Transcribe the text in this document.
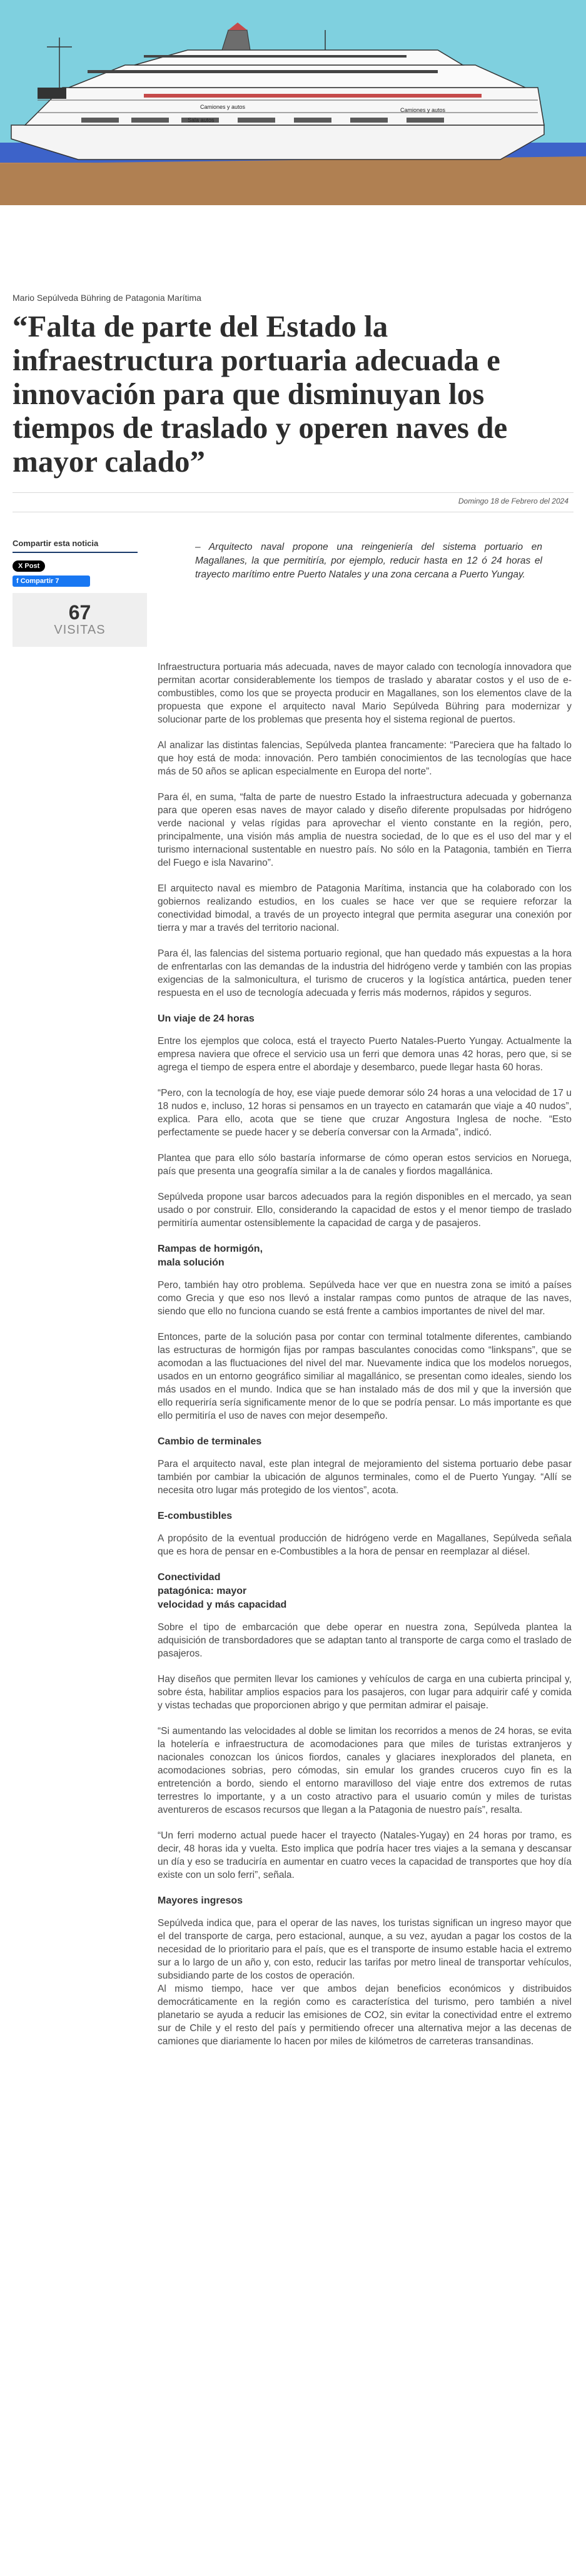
Camiones y autos	Camiones y autos
Sala autos
“Falta de parte del Estado la infraestructura portuaria adecuada e innovación para que disminuyan los tiempos de traslado y operen naves de mayor calado”
Mario Sepúlveda Bühring de Patagonia Marítima
Domingo 18 de Febrero del 2024
Compartir esta noticia
X Post
f Compartir 7
67
VISITAS

– Arquitecto naval propone una reingeniería del sistema portuario en Magallanes, la que permitiría, por ejemplo, reducir hasta en 12 ó 24 horas el trayecto marítimo entre Puerto Natales y una zona cercana a Puerto Yungay.

Infraestructura portuaria más adecuada, naves de mayor calado con tecnología innovadora que permitan acortar considerablemente los tiempos de traslado y abaratar costos y el uso de e-combustibles, como los que se proyecta producir en Magallanes, son los elementos clave de la propuesta que expone el arquitecto naval Mario Sepúlveda Bühring para modernizar y solucionar parte de los problemas que presenta hoy el sistema regional de puertos.

Al analizar las distintas falencias, Sepúlveda plantea francamente: “Pareciera que ha faltado lo que hoy está de moda: innovación. Pero también conocimientos de las tecnologías que hace más de 50 años se aplican especialmente en Europa del norte”.

Para él, en suma, “falta de parte de nuestro Estado la infraestructura adecuada y gobernanza para que operen esas naves de mayor calado y diseño diferente propulsadas por hidrógeno verde nacional y velas rígidas para aprovechar el viento constante en la región, pero, principalmente, una visión más amplia de nuestra sociedad, de lo que es el uso del mar y el turismo internacional sustentable en nuestro país. No sólo en la Patagonia, también en Tierra del Fuego e isla Navarino”.

El arquitecto naval es miembro de Patagonia Marítima, instancia que ha colaborado con los gobiernos realizando estudios, en los cuales se hace ver que se requiere reforzar la conectividad bimodal, a través de un proyecto integral que permita asegurar una conexión por tierra y mar a través del territorio nacional.

Para él, las falencias del sistema portuario regional, que han quedado más expuestas a la hora de enfrentarlas con las demandas de la industria del hidrógeno verde y también con las propias exigencias de la salmonicultura, el turismo de cruceros y la logística antártica, pueden tener respuesta en el uso de tecnología adecuada y ferris más modernos, rápidos y seguros.

Un viaje de 24 horas

Entre los ejemplos que coloca, está el trayecto Puerto Natales-Puerto Yungay. Actualmente la empresa naviera que ofrece el servicio usa un ferri que demora unas 42 horas, pero que, si se agrega el tiempo de espera entre el abordaje y desembarco, puede llegar hasta 60 horas.

“Pero, con la tecnología de hoy, ese viaje puede demorar sólo 24 horas a una velocidad de 17 u 18 nudos e, incluso, 12 horas si pensamos en un trayecto en catamarán que viaje a 40 nudos”, explica. Para ello, acota que se tiene que cruzar Angostura Inglesa de noche. “Esto perfectamente se puede hacer y se debería conversar con la Armada”, indicó.

Plantea que para ello sólo bastaría informarse de cómo operan estos servicios en Noruega, país que presenta una geografía similar a la de canales y fiordos magallánica.

Sepúlveda propone usar barcos adecuados para la región disponibles en el mercado, ya sean usado o por construir. Ello, considerando la capacidad de estos y el menor tiempo de traslado permitiría aumentar ostensiblemente la capacidad de carga y de pasajeros.

Rampas de hormigón,
mala solución

Pero, también hay otro problema. Sepúlveda hace ver que en nuestra zona se imitó a países como Grecia y que eso nos llevó a instalar rampas como puntos de atraque de las naves, siendo que ello no funciona cuando se está frente a cambios importantes de nivel del mar.

Entonces, parte de la solución pasa por contar con terminal totalmente diferentes, cambiando las estructuras de hormigón fijas por rampas basculantes conocidas como “linkspans”, que se acomodan a las fluctuaciones del nivel del mar. Nuevamente indica que los modelos noruegos, usados en un entorno geográfico similiar al magallánico, se presentan como ideales, siendo los más usados en el mundo. Indica que se han instalado más de dos mil y que la inversión que ello requeriría sería significamente menor de lo que se podría pensar. Lo más importante es que ello permitiría el uso de naves con mejor desempeño.

Cambio de terminales

Para el arquitecto naval, este plan integral de mejoramiento del sistema portuario debe pasar también por cambiar la ubicación de algunos terminales, como el de Puerto Yungay. “Allí se necesita otro lugar más protegido de los vientos”, acota.

E-combustibles

A propósito de la eventual producción de hidrógeno verde en Magallanes, Sepúlveda señala que es hora de pensar en e-Combustibles a la hora de pensar en reemplazar al diésel.

Conectividad
patagónica: mayor
velocidad y más capacidad

Sobre el tipo de embarcación que debe operar en nuestra zona, Sepúlveda plantea la adquisición de transbordadores que se adaptan tanto al transporte de carga como el traslado de pasajeros.

Hay diseños que permiten llevar los camiones y vehículos de carga en una cubierta principal y, sobre ésta, habilitar amplios espacios para los pasajeros, con lugar para adquirir café y comida y vistas techadas que proporcionen abrigo y que permitan admirar el paisaje.

“Si aumentando las velocidades al doble se limitan los recorridos a menos de 24 horas, se evita la hotelería e infraestructura de acomodaciones para que miles de turistas extranjeros y nacionales conozcan los únicos fiordos, canales y glaciares inexplorados del planeta, en acomodaciones sobrias, pero cómodas, sin emular los grandes cruceros cuyo fin es la entretención a bordo, siendo el entorno maravilloso del viaje entre dos extremos de rutas terrestres lo importante, y a un costo atractivo para el usuario común y miles de turistas aventureros de escasos recursos que llegan a la Patagonia de nuestro país”, resalta.

“Un ferri moderno actual puede hacer el trayecto (Natales-Yugay) en 24 horas por tramo, es decir, 48 horas ida y vuelta. Esto implica que podría hacer tres viajes a la semana y descansar un día y eso se traduciría en aumentar en cuatro veces la capacidad de transportes que hoy día existe con un solo ferri”, señala.

Mayores ingresos

Sepúlveda indica que, para el operar de las naves, los turistas significan un ingreso mayor que el del transporte de carga, pero estacional, aunque, a su vez, ayudan a pagar los costos de la necesidad de lo prioritario para el país, que es el transporte de insumo estable hacia el extremo sur a lo largo de un año y, con esto, reducir las tarifas por metro lineal de transportar vehículos, subsidiando parte de los costos de operación.
Al mismo tiempo, hace ver que ambos dejan beneficios económicos y distribuidos democráticamente en la región como es característica del turismo, pero también a nivel planetario se ayuda a reducir las emisiones de CO2, sin evitar la conectividad entre el extremo sur de Chile y el resto del país y permitiendo ofrecer una alternativa mejor a las decenas de camiones que diariamente lo hacen por miles de kilómetros de carreteras transandinas.
